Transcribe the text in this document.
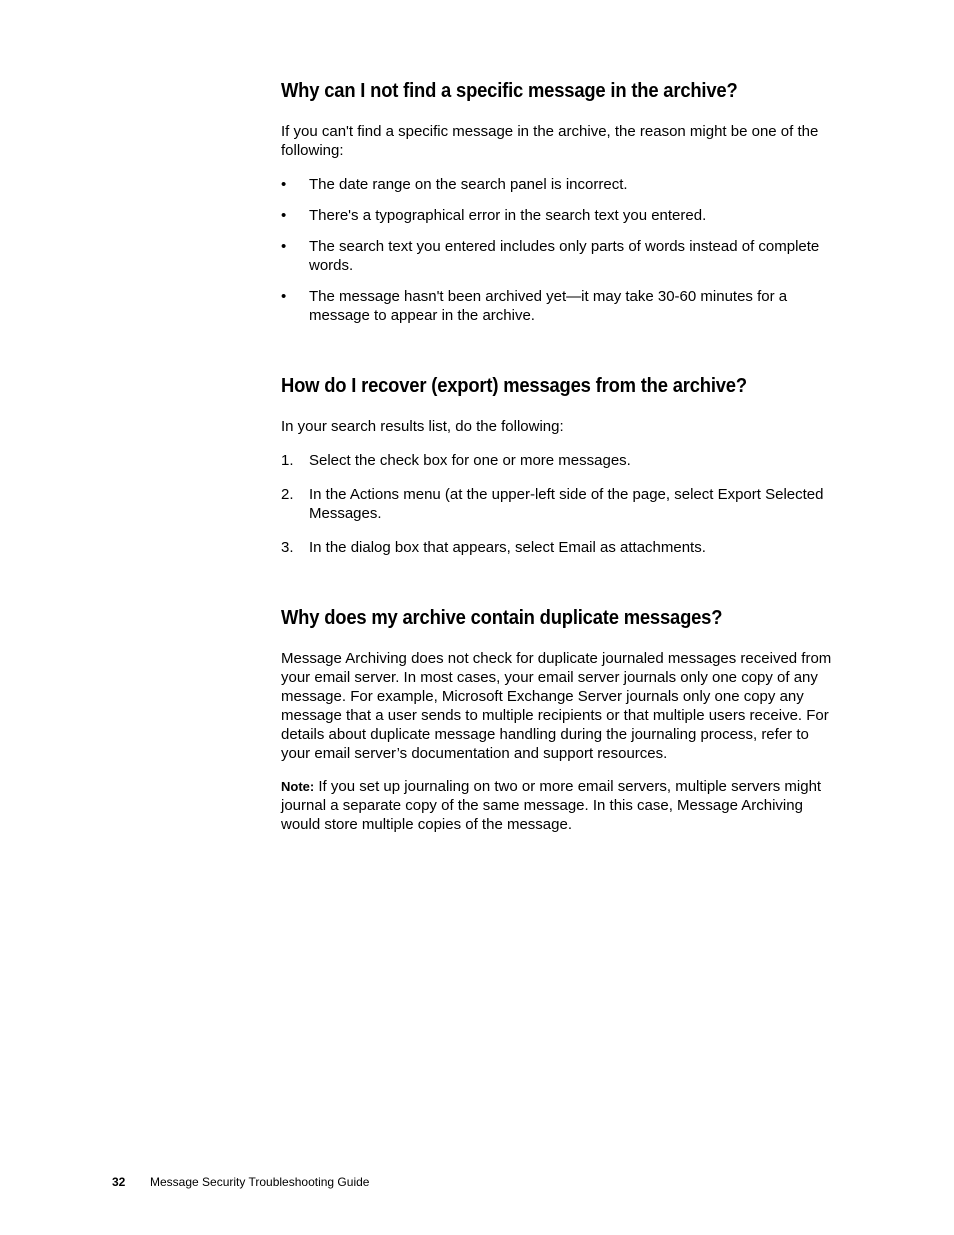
Why can I not find a specific message in the archive?

If you can't find a specific message in the archive, the reason might be one of the following:

•	The date range on the search panel is incorrect.
•	There's a typographical error in the search text you entered.
•	The search text you entered includes only parts of words instead of complete words.
•	The message hasn't been archived yet—it may take 30-60 minutes for a message to appear in the archive.
How do I recover (export) messages from the archive?

In your search results list, do the following:

1.	Select the check box for one or more messages.
2.	In the Actions menu (at the upper-left side of the page, select Export Selected Messages.
3.	In the dialog box that appears, select Email as attachments.
Why does my archive contain duplicate messages?

Message Archiving does not check for duplicate journaled messages received from your email server. In most cases, your email server journals only one copy of any message. For example, Microsoft Exchange Server journals only one copy any message that a user sends to multiple recipients or that multiple users receive. For details about duplicate message handling during the journaling process, refer to your email server’s documentation and support resources.

Note: If you set up journaling on two or more email servers, multiple servers might journal a separate copy of the same message. In this case, Message Archiving would store multiple copies of the message.

32 Message Security Troubleshooting Guide
